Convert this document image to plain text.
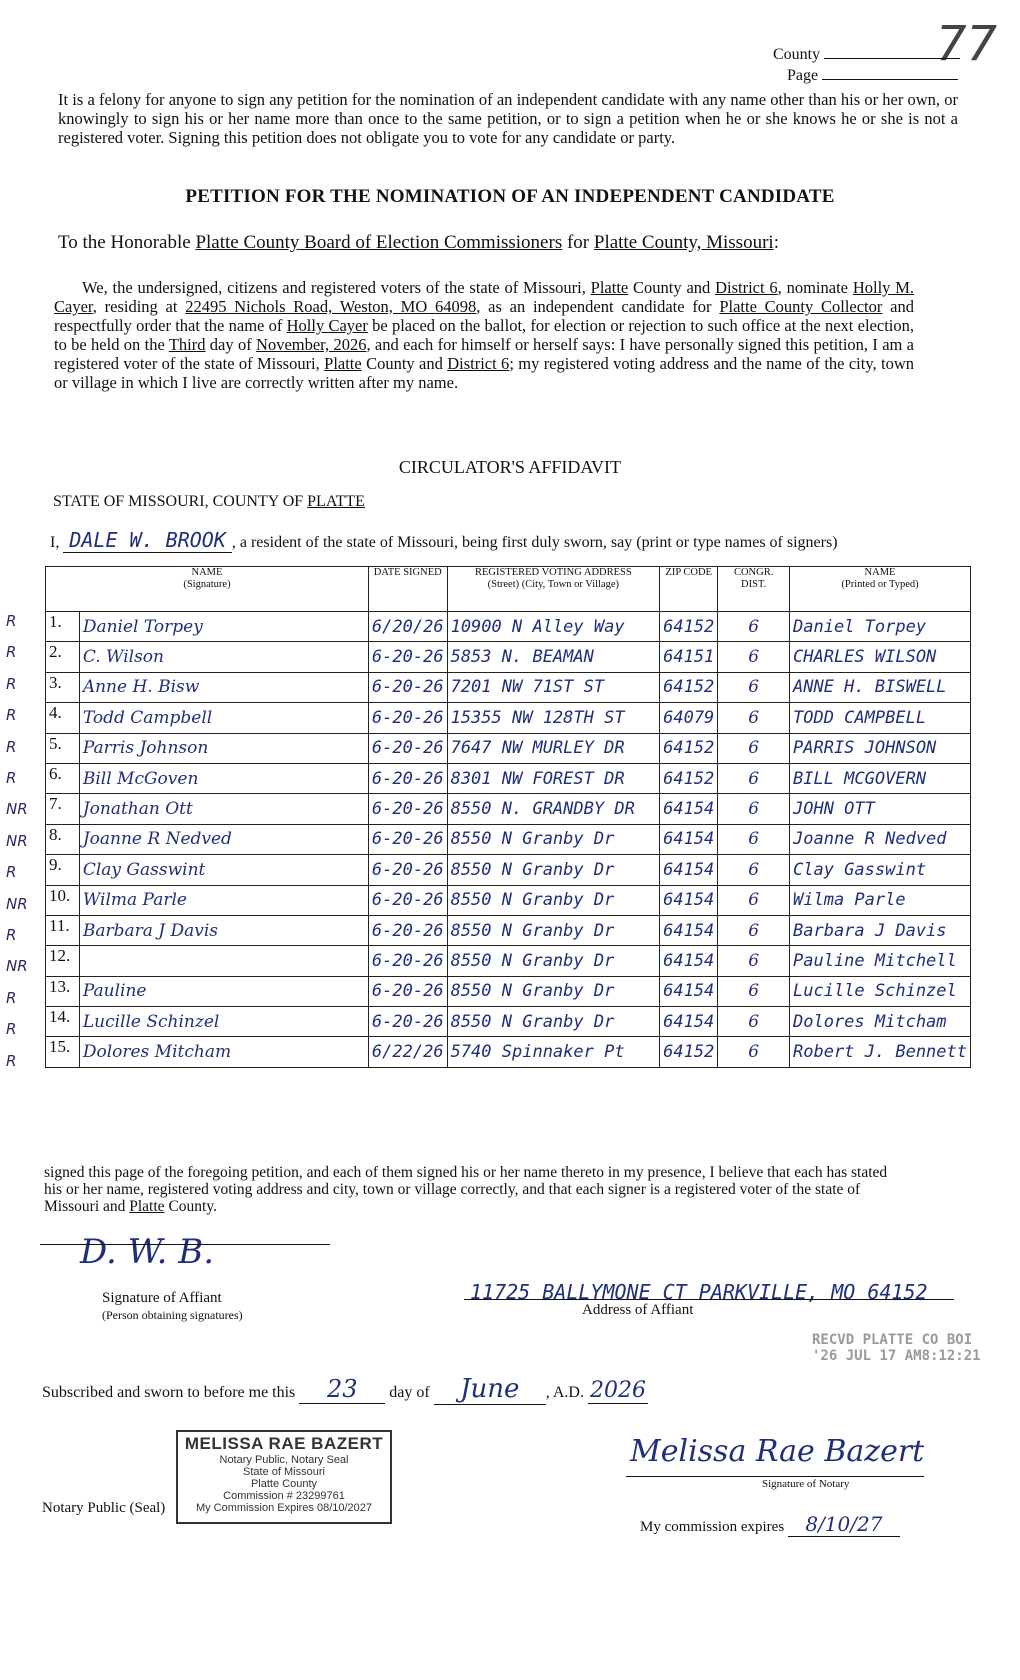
77
County
Page
It is a felony for anyone to sign any petition for the nomination of an independent candidate with any name other than his or her own, or knowingly to sign his or her name more than once to the same petition, or to sign a petition when he or she knows he or she is not a registered voter. Signing this petition does not obligate you to vote for any candidate or party.
PETITION FOR THE NOMINATION OF AN INDEPENDENT CANDIDATE
To the Honorable Platte County Board of Election Commissioners for Platte County, Missouri:
We, the undersigned, citizens and registered voters of the state of Missouri, Platte County and District 6, nominate Holly M. Cayer, residing at 22495 Nichols Road, Weston, MO 64098, as an independent candidate for Platte County Collector and respectfully order that the name of Holly Cayer be placed on the ballot, for election or rejection to such office at the next election, to be held on the Third day of November, 2026, and each for himself or herself says: I have personally signed this petition, I am a registered voter of the state of Missouri, Platte County and District 6; my registered voting address and the name of the city, town or village in which I live are correctly written after my name.
CIRCULATOR'S AFFIDAVIT
STATE OF MISSOURI, COUNTY OF PLATTE
I, DALE W. BROOK , a resident of the state of Missouri, being first duly sworn, say (print or type names of signers)
NAME
(Signature)		DATE SIGNED	REGISTERED VOTING ADDRESS
(Street) (City, Town or Village)	ZIP CODE	CONGR. DIST.	NAME
(Printed or Typed)
1.	Daniel Torpey	6/20/26	10900 N Alley Way	64152	6	Daniel Torpey
2.	C. Wilson	6-20-26	5853 N. BEAMAN	64151	6	CHARLES WILSON
3.	Anne H. Bisw	6-20-26	7201 NW 71ST ST	64152	6	ANNE H. BISWELL
4.	Todd Campbell	6-20-26	15355 NW 128TH ST	64079	6	TODD CAMPBELL
5.	Parris Johnson	6-20-26	7647 NW MURLEY DR	64152	6	PARRIS JOHNSON
6.	Bill McGoven	6-20-26	8301 NW FOREST DR	64152	6	BILL MCGOVERN
7.	Jonathan Ott	6-20-26	8550 N. GRANDBY DR	64154	6	JOHN OTT
8.	Joanne R Nedved	6-20-26	8550 N Granby Dr	64154	6	Joanne R Nedved
9.	Clay Gasswint	6-20-26	8550 N Granby Dr	64154	6	Clay Gasswint
10.	Wilma Parle	6-20-26	8550 N Granby Dr	64154	6	Wilma Parle
11.	Barbara J Davis	6-20-26	8550 N Granby Dr	64154	6	Barbara J Davis
12.		6-20-26	8550 N Granby Dr	64154	6	Pauline Mitchell
13.	Pauline	6-20-26	8550 N Granby Dr	64154	6	Lucille Schinzel
14.	Lucille Schinzel	6-20-26	8550 N Granby Dr	64154	6	Dolores Mitcham
15.	Dolores Mitcham	6/22/26	5740 Spinnaker Pt	64152	6	Robert J. Bennett
R
R
R
R
R
R
NR
NR
R
NR
R
NR
R
R
R
signed this page of the foregoing petition, and each of them signed his or her name thereto in my presence, I believe that each has stated his or her name, registered voting address and city, town or village correctly, and that each signer is a registered voter of the state of Missouri and Platte County.
D. W. B.
Signature of Affiant
(Person obtaining signatures)
11725 BALLYMONE CT PARKVILLE, MO 64152
Address of Affiant
RECVD PLATTE CO BOI
'26 JUL 17 AM8:12:21
Subscribed and sworn to before me this 23 day of June , A.D. 2026
MELISSA RAE BAZERT
Notary Public, Notary Seal
State of Missouri
Platte County
Commission # 23299761
My Commission Expires 08/10/2027
Notary Public (Seal)
Melissa Rae Bazert
Signature of Notary
My commission expires 8/10/27
